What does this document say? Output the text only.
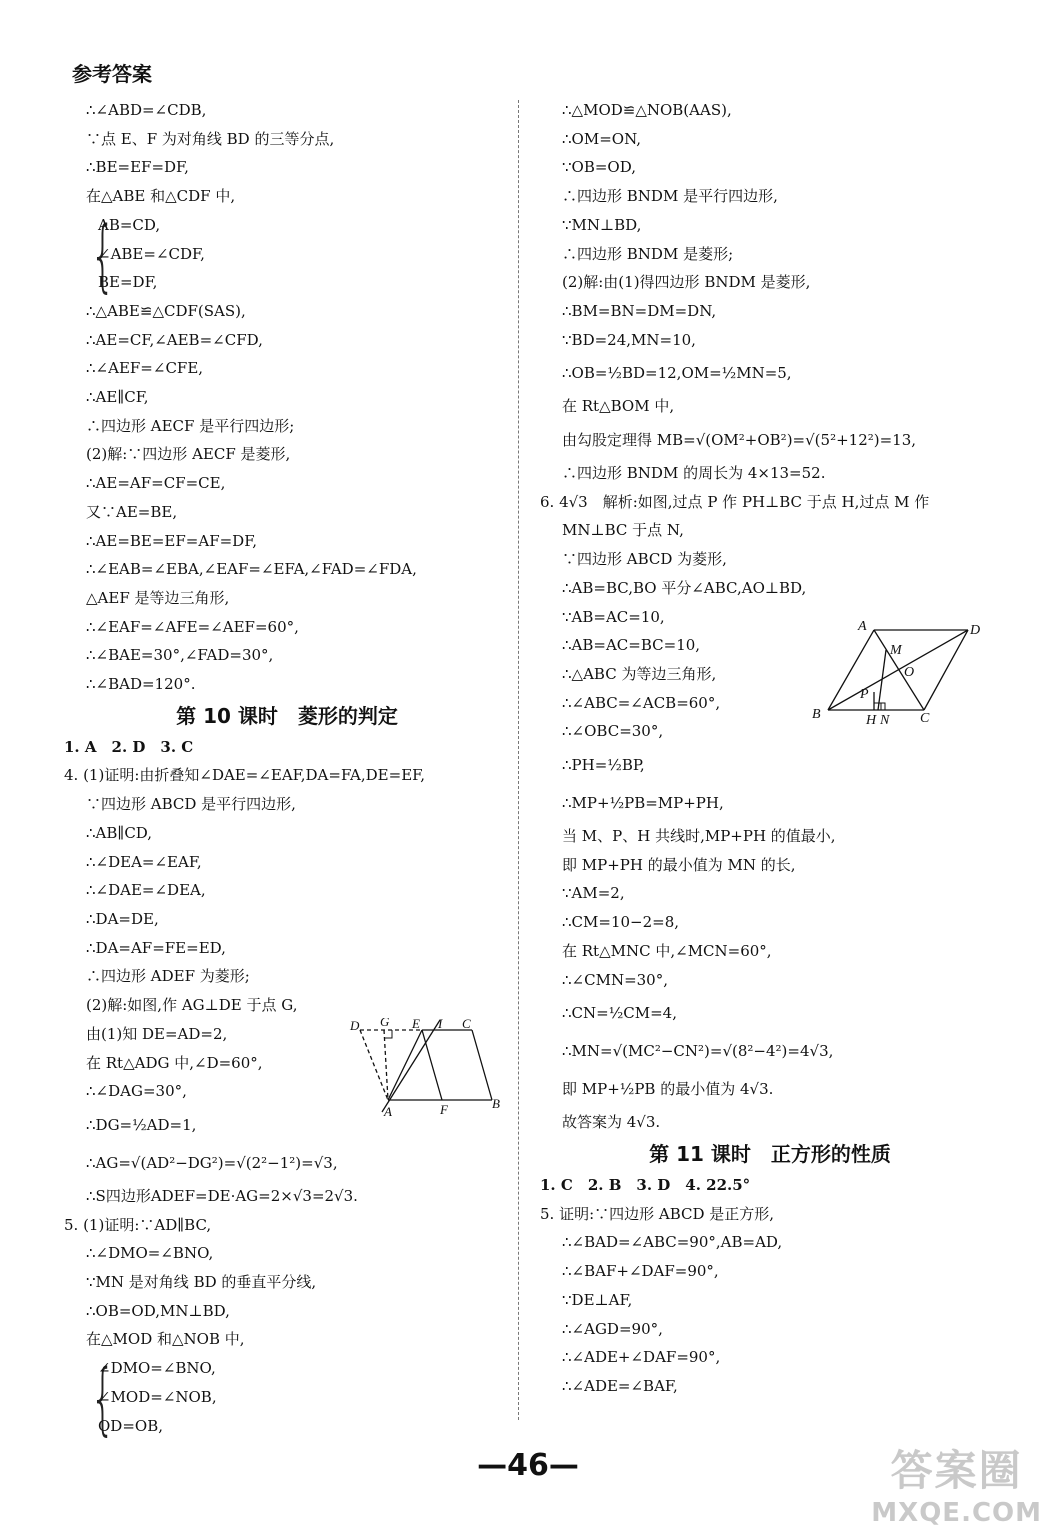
参考答案
∴∠ABD=∠CDB,
∵点 E、F 为对角线 BD 的三等分点,
∴BE=EF=DF,
在△ABE 和△CDF 中,
{
AB=CD,
∠ABE=∠CDF,
BE=DF,
∴△ABE≌△CDF(SAS),
∴AE=CF,∠AEB=∠CFD,
∴∠AEF=∠CFE,
∴AE∥CF,
∴四边形 AECF 是平行四边形;
(2)解:∵四边形 AECF 是菱形,
∴AE=AF=CF=CE,
又∵AE=BE,
∴AE=BE=EF=AF=DF,
∴∠EAB=∠EBA,∠EAF=∠EFA,∠FAD=∠FDA,
△AEF 是等边三角形,
∴∠EAF=∠AFE=∠AEF=60°,
∴∠BAE=30°,∠FAD=30°,
∴∠BAD=120°.
第 10 课时　菱形的判定
1. A　2. D　3. C
4. (1)证明:由折叠知∠DAE=∠EAF,DA=FA,DE=EF,
∵四边形 ABCD 是平行四边形,
∴AB∥CD,
∴∠DEA=∠EAF,
∴∠DAE=∠DEA,
∴DA=DE,
∴DA=AF=FE=ED,
∴四边形 ADEF 为菱形;
(2)解:如图,作 AG⊥DE 于点 G,
由(1)知 DE=AD=2,
在 Rt△ADG 中,∠D=60°,
∴∠DAG=30°,
∴DG=½AD=1,
∴AG=√(AD²−DG²)=√(2²−1²)=√3,
∴S四边形ADEF=DE·AG=2×√3=2√3.
5. (1)证明:∵AD∥BC,
∴∠DMO=∠BNO,
∵MN 是对角线 BD 的垂直平分线,
∴OB=OD,MN⊥BD,
在△MOD 和△NOB 中,
{
∠DMO=∠BNO,
∠MOD=∠NOB,
OD=OB,
D G E I C
A	F	B
∴△MOD≌△NOB(AAS),
∴OM=ON,
∵OB=OD,
∴四边形 BNDM 是平行四边形,
∵MN⊥BD,
∴四边形 BNDM 是菱形;
(2)解:由(1)得四边形 BNDM 是菱形,
∴BM=BN=DM=DN,
∵BD=24,MN=10,
∴OB=½BD=12,OM=½MN=5,
在 Rt△BOM 中,
由勾股定理得 MB=√(OM²+OB²)=√(5²+12²)=13,
∴四边形 BNDM 的周长为 4×13=52.
6. 4√3　解析:如图,过点 P 作 PH⊥BC 于点 H,过点 M 作
MN⊥BC 于点 N,
∵四边形 ABCD 为菱形,
∴AB=BC,BO 平分∠ABC,AO⊥BD,
∵AB=AC=10,
∴AB=AC=BC=10,
∴△ABC 为等边三角形,
∴∠ABC=∠ACB=60°,
∴∠OBC=30°,
∴PH=½BP,
∴MP+½PB=MP+PH,
当 M、P、H 共线时,MP+PH 的值最小,
即 MP+PH 的最小值为 MN 的长,
∵AM=2,
∴CM=10−2=8,
在 Rt△MNC 中,∠MCN=60°,
∴∠CMN=30°,
∴CN=½CM=4,
∴MN=√(MC²−CN²)=√(8²−4²)=4√3,
即 MP+½PB 的最小值为 4√3.
故答案为 4√3.
第 11 课时　正方形的性质
1. C　2. B　3. D　4. 22.5°
5. 证明:∵四边形 ABCD 是正方形,
∴∠BAD=∠ABC=90°,AB=AD,
∴∠BAF+∠DAF=90°,
∵DE⊥AF,
∴∠AGD=90°,
∴∠ADE+∠DAF=90°,
∴∠ADE=∠BAF,
A	D
M
O
P
B	H N C
—46—	答案圈
MXQE.COM
